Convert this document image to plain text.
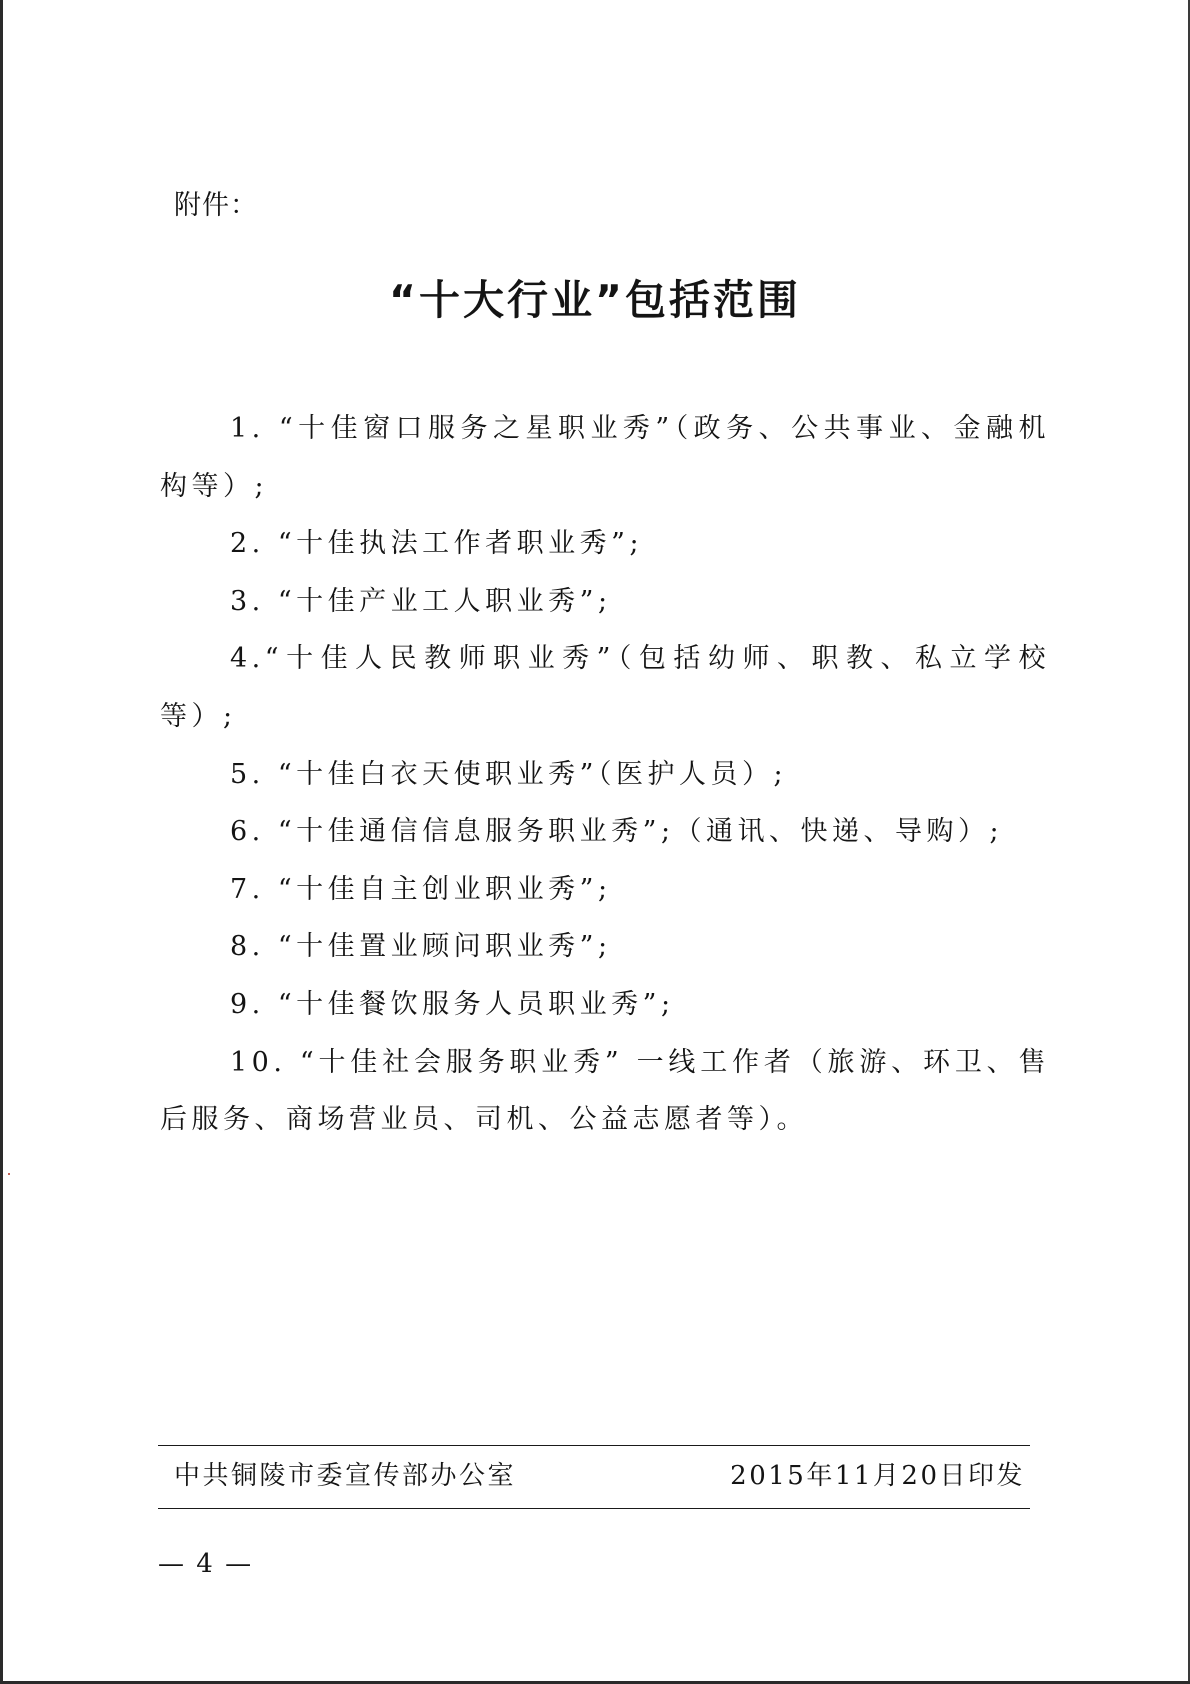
附件：
“十大行业”包括范围
1. “十佳窗口服务之星职业秀”（政务、公共事业、金融机构等）;
2. “十佳执法工作者职业秀”;
3. “十佳产业工人职业秀”;
4.“十佳人民教师职业秀”（包括幼师、职教、私立学校等）;
5. “十佳白衣天使职业秀”（医护人员）;
6. “十佳通信信息服务职业秀”;（通讯、快递、导购）;
7. “十佳自主创业职业秀”;
8. “十佳置业顾问职业秀”;
9. “十佳餐饮服务人员职业秀”;
10. “十佳社会服务职业秀” 一线工作者（旅游、环卫、售后服务、商场营业员、司机、公益志愿者等）。
中共铜陵市委宣传部办公室	2015年11月20日印发
— 4 —
